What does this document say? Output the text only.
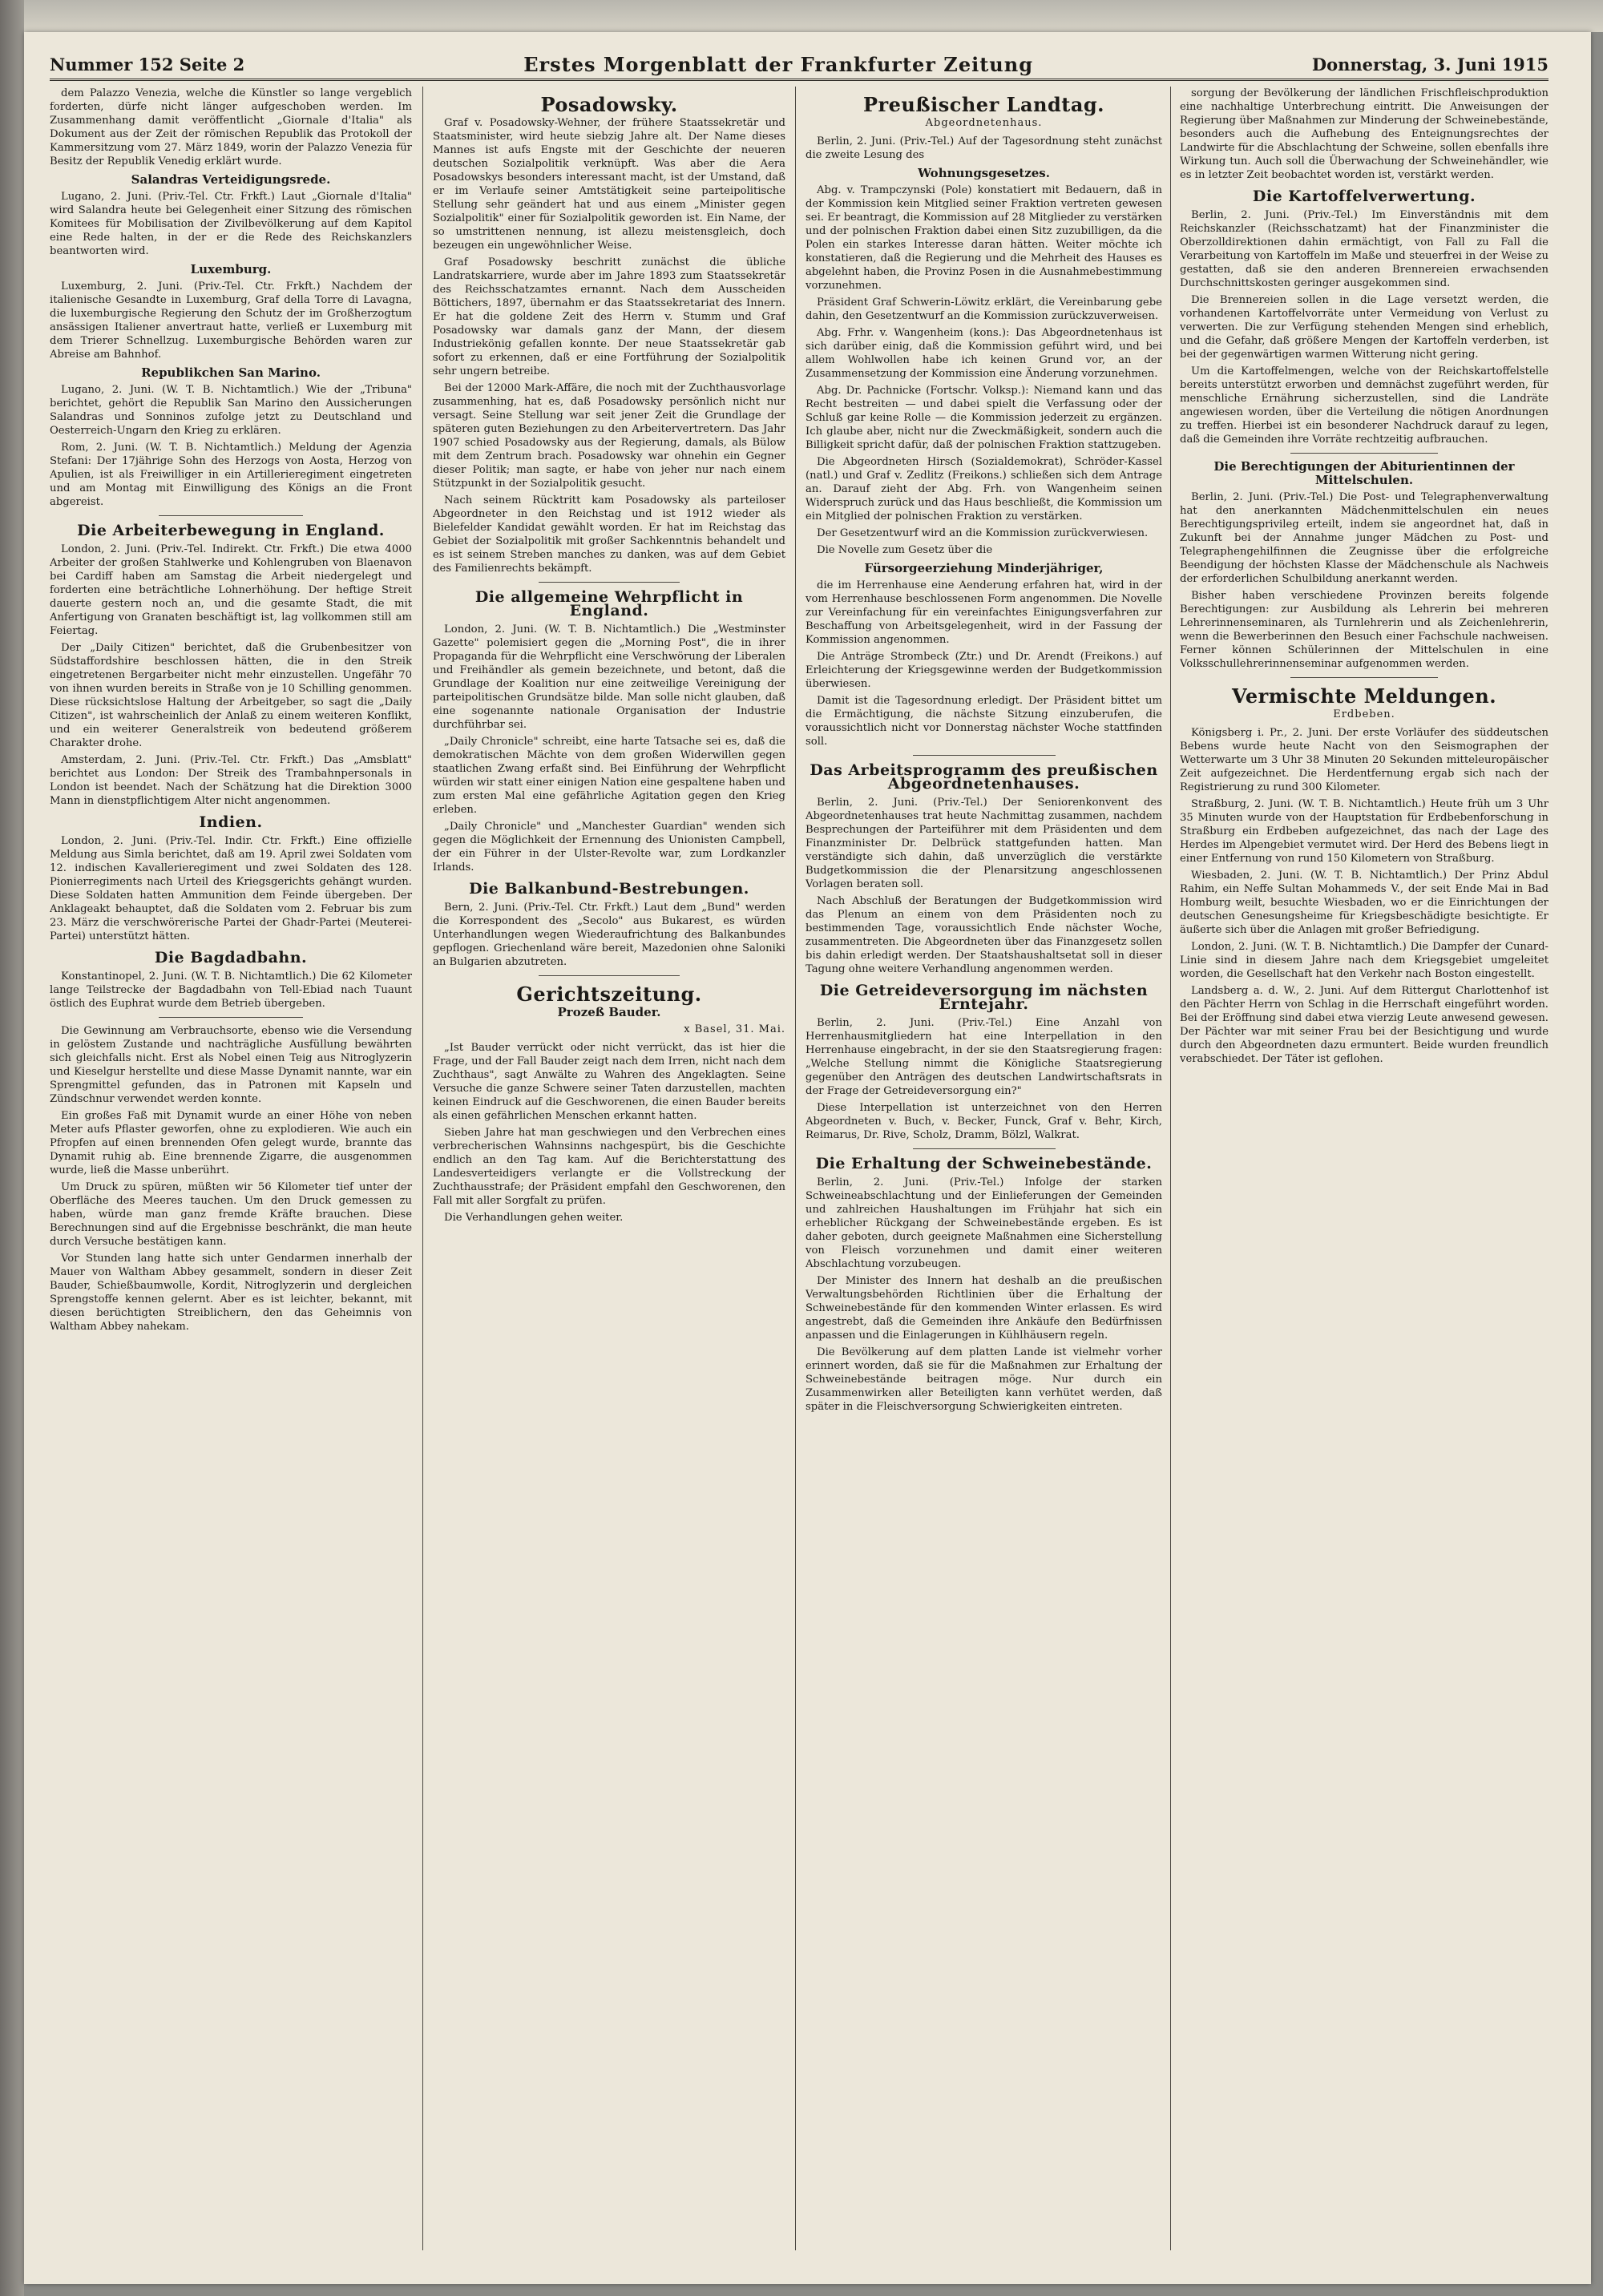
Nummer 152 Seite 2	Erstes Morgenblatt der Frankfurter Zeitung	Donnerstag, 3. Juni 1915

dem Palazzo Venezia, welche die Künstler so lange vergeblich forderten, dürfe nicht länger aufgeschoben werden. Im Zusammenhang damit veröffentlicht „Giornale d'Italia" als Dokument aus der Zeit der römischen Republik das Protokoll der Kammersitzung vom 27. März 1849, worin der Palazzo Venezia für Besitz der Republik Venedig erklärt wurde.

Salandras Verteidigungsrede.

Lugano, 2. Juni. (Priv.-Tel. Ctr. Frkft.) Laut „Giornale d'Italia" wird Salandra heute bei Gelegenheit einer Sitzung des römischen Komitees für Mobilisation der Zivilbevölkerung auf dem Kapitol eine Rede halten, in der er die Rede des Reichskanzlers beantworten wird.

Luxemburg.

Luxemburg, 2. Juni. (Priv.-Tel. Ctr. Frkft.) Nachdem der italienische Gesandte in Luxemburg, Graf della Torre di Lavagna, die luxemburgische Regierung den Schutz der im Großherzogtum ansässigen Italiener anvertraut hatte, verließ er Luxemburg mit dem Trierer Schnellzug. Luxemburgische Behörden waren zur Abreise am Bahnhof.

Republikchen San Marino.

Lugano, 2. Juni. (W. T. B. Nichtamtlich.) Wie der „Tribuna" berichtet, gehört die Republik San Marino den Aussicherungen Salandras und Sonninos zufolge jetzt zu Deutschland und Oesterreich-Ungarn den Krieg zu erklären.

Rom, 2. Juni. (W. T. B. Nichtamtlich.) Meldung der Agenzia Stefani: Der 17jährige Sohn des Herzogs von Aosta, Herzog von Apulien, ist als Freiwilliger in ein Artillerieregiment eingetreten und am Montag mit Einwilligung des Königs an die Front abgereist.

Die Arbeiterbewegung in England.

London, 2. Juni. (Priv.-Tel. Indirekt. Ctr. Frkft.) Die etwa 4000 Arbeiter der großen Stahlwerke und Kohlengruben von Blaenavon bei Cardiff haben am Samstag die Arbeit niedergelegt und forderten eine beträchtliche Lohnerhöhung. Der heftige Streit dauerte gestern noch an, und die gesamte Stadt, die mit Anfertigung von Granaten beschäftigt ist, lag vollkommen still am Feiertag.

Der „Daily Citizen" berichtet, daß die Grubenbesitzer von Südstaffordshire beschlossen hätten, die in den Streik eingetretenen Bergarbeiter nicht mehr einzustellen. Ungefähr 70 von ihnen wurden bereits in Straße von je 10 Schilling genommen. Diese rücksichtslose Haltung der Arbeitgeber, so sagt die „Daily Citizen", ist wahrscheinlich der Anlaß zu einem weiteren Konflikt, und ein weiterer Generalstreik von bedeutend größerem Charakter drohe.

Amsterdam, 2. Juni. (Priv.-Tel. Ctr. Frkft.) Das „Amsblatt" berichtet aus London: Der Streik des Trambahnpersonals in London ist beendet. Nach der Schätzung hat die Direktion 3000 Mann in dienstpflichtigem Alter nicht angenommen.

Indien.

London, 2. Juni. (Priv.-Tel. Indir. Ctr. Frkft.) Eine offizielle Meldung aus Simla berichtet, daß am 19. April zwei Soldaten vom 12. indischen Kavallerieregiment und zwei Soldaten des 128. Pionierregiments nach Urteil des Kriegsgerichts gehängt wurden. Diese Soldaten hatten Ammunition dem Feinde übergeben. Der Anklageakt behauptet, daß die Soldaten vom 2. Februar bis zum 23. März die verschwörerische Partei der Ghadr-Partei (Meuterei-Partei) unterstützt hätten.

Die Bagdadbahn.

Konstantinopel, 2. Juni. (W. T. B. Nichtamtlich.) Die 62 Kilometer lange Teilstrecke der Bagdadbahn von Tell-Ebiad nach Tuaunt östlich des Euphrat wurde dem Betrieb übergeben.

Die Gewinnung am Verbrauchsorte, ebenso wie die Versendung in gelöstem Zustande und nachträgliche Ausfüllung bewährten sich gleichfalls nicht. Erst als Nobel einen Teig aus Nitroglyzerin und Kieselgur herstellte und diese Masse Dynamit nannte, war ein Sprengmittel gefunden, das in Patronen mit Kapseln und Zündschnur verwendet werden konnte.

Ein großes Faß mit Dynamit wurde an einer Höhe von neben Meter aufs Pflaster geworfen, ohne zu explodieren. Wie auch ein Pfropfen auf einen brennenden Ofen gelegt wurde, brannte das Dynamit ruhig ab. Eine brennende Zigarre, die ausgenommen wurde, ließ die Masse unberührt.

Um Druck zu spüren, müßten wir 56 Kilometer tief unter der Oberfläche des Meeres tauchen. Um den Druck gemessen zu haben, würde man ganz fremde Kräfte brauchen. Diese Berechnungen sind auf die Ergebnisse beschränkt, die man heute durch Versuche bestätigen kann.

Vor Stunden lang hatte sich unter Gendarmen innerhalb der Mauer von Waltham Abbey gesammelt, sondern in dieser Zeit Bauder, Schießbaumwolle, Kordit, Nitroglyzerin und dergleichen Sprengstoffe kennen gelernt. Aber es ist leichter, bekannt, mit diesen berüchtigten Streiblichern, den das Geheimnis von Waltham Abbey nahekam.

Posadowsky.

Graf v. Posadowsky-Wehner, der frühere Staatssekretär und Staatsminister, wird heute siebzig Jahre alt. Der Name dieses Mannes ist aufs Engste mit der Geschichte der neueren deutschen Sozialpolitik verknüpft. Was aber die Aera Posadowskys besonders interessant macht, ist der Umstand, daß er im Verlaufe seiner Amtstätigkeit seine parteipolitische Stellung sehr geändert hat und aus einem „Minister gegen Sozialpolitik" einer für Sozialpolitik geworden ist. Ein Name, der so umstrittenen nennung, ist allezu meistensgleich, doch bezeugen ein ungewöhnlicher Weise.

Graf Posadowsky beschritt zunächst die übliche Landratskarriere, wurde aber im Jahre 1893 zum Staatssekretär des Reichsschatzamtes ernannt. Nach dem Ausscheiden Böttichers, 1897, übernahm er das Staatssekretariat des Innern. Er hat die goldene Zeit des Herrn v. Stumm und Graf Posadowsky war damals ganz der Mann, der diesem Industriekönig gefallen konnte. Der neue Staatssekretär gab sofort zu erkennen, daß er eine Fortführung der Sozialpolitik sehr ungern betreibe.

Bei der 12000 Mark-Affäre, die noch mit der Zuchthausvorlage zusammenhing, hat es, daß Posadowsky persönlich nicht nur versagt. Seine Stellung war seit jener Zeit die Grundlage der späteren guten Beziehungen zu den Arbeitervertretern. Das Jahr 1907 schied Posadowsky aus der Regierung, damals, als Bülow mit dem Zentrum brach. Posadowsky war ohnehin ein Gegner dieser Politik; man sagte, er habe von jeher nur nach einem Stützpunkt in der Sozialpolitik gesucht.

Nach seinem Rücktritt kam Posadowsky als parteiloser Abgeordneter in den Reichstag und ist 1912 wieder als Bielefelder Kandidat gewählt worden. Er hat im Reichstag das Gebiet der Sozialpolitik mit großer Sachkenntnis behandelt und es ist seinem Streben manches zu danken, was auf dem Gebiet des Familienrechts bekämpft.

Die allgemeine Wehrpflicht in England.

London, 2. Juni. (W. T. B. Nichtamtlich.) Die „Westminster Gazette" polemisiert gegen die „Morning Post", die in ihrer Propaganda für die Wehrpflicht eine Verschwörung der Liberalen und Freihändler als gemein bezeichnete, und betont, daß die Grundlage der Koalition nur eine zeitweilige Vereinigung der parteipolitischen Grundsätze bilde. Man solle nicht glauben, daß eine sogenannte nationale Organisation der Industrie durchführbar sei.

„Daily Chronicle" schreibt, eine harte Tatsache sei es, daß die demokratischen Mächte von dem großen Widerwillen gegen staatlichen Zwang erfaßt sind. Bei Einführung der Wehrpflicht würden wir statt einer einigen Nation eine gespaltene haben und zum ersten Mal eine gefährliche Agitation gegen den Krieg erleben.

„Daily Chronicle" und „Manchester Guardian" wenden sich gegen die Möglichkeit der Ernennung des Unionisten Campbell, der ein Führer in der Ulster-Revolte war, zum Lordkanzler Irlands.

Die Balkanbund-Bestrebungen.

Bern, 2. Juni. (Priv.-Tel. Ctr. Frkft.) Laut dem „Bund" werden die Korrespondent des „Secolo" aus Bukarest, es würden Unterhandlungen wegen Wiederaufrichtung des Balkanbundes gepflogen. Griechenland wäre bereit, Mazedonien ohne Saloniki an Bulgarien abzutreten.

Gerichtszeitung.
Prozeß Bauder.
x Basel, 31. Mai.

„Ist Bauder verrückt oder nicht verrückt, das ist hier die Frage, und der Fall Bauder zeigt nach dem Irren, nicht nach dem Zuchthaus", sagt Anwälte zu Wahren des Angeklagten. Seine Versuche die ganze Schwere seiner Taten darzustellen, machten keinen Eindruck auf die Geschworenen, die einen Bauder bereits als einen gefährlichen Menschen erkannt hatten.

Sieben Jahre hat man geschwiegen und den Verbrechen eines verbrecherischen Wahnsinns nachgespürt, bis die Geschichte endlich an den Tag kam. Auf die Berichterstattung des Landesverteidigers verlangte er die Vollstreckung der Zuchthausstrafe; der Präsident empfahl den Geschworenen, den Fall mit aller Sorgfalt zu prüfen.

Die Verhandlungen gehen weiter.

Preußischer Landtag.
Abgeordnetenhaus.

Berlin, 2. Juni. (Priv.-Tel.) Auf der Tagesordnung steht zunächst die zweite Lesung des

Wohnungsgesetzes.

Abg. v. Trampczynski (Pole) konstatiert mit Bedauern, daß in der Kommission kein Mitglied seiner Fraktion vertreten gewesen sei. Er beantragt, die Kommission auf 28 Mitglieder zu verstärken und der polnischen Fraktion dabei einen Sitz zuzubilligen, da die Polen ein starkes Interesse daran hätten. Weiter möchte ich konstatieren, daß die Regierung und die Mehrheit des Hauses es abgelehnt haben, die Provinz Posen in die Ausnahmebestimmung vorzunehmen.

Präsident Graf Schwerin-Löwitz erklärt, die Vereinbarung gebe dahin, den Gesetzentwurf an die Kommission zurückzuverweisen.

Abg. Frhr. v. Wangenheim (kons.): Das Abgeordnetenhaus ist sich darüber einig, daß die Kommission geführt wird, und bei allem Wohlwollen habe ich keinen Grund vor, an der Zusammensetzung der Kommission eine Änderung vorzunehmen.

Abg. Dr. Pachnicke (Fortschr. Volksp.): Niemand kann und das Recht bestreiten — und dabei spielt die Verfassung oder der Schluß gar keine Rolle — die Kommission jederzeit zu ergänzen. Ich glaube aber, nicht nur die Zweckmäßigkeit, sondern auch die Billigkeit spricht dafür, daß der polnischen Fraktion stattzugeben.

Die Abgeordneten Hirsch (Sozialdemokrat), Schröder-Kassel (natl.) und Graf v. Zedlitz (Freikons.) schließen sich dem Antrage an. Darauf zieht der Abg. Frh. von Wangenheim seinen Widerspruch zurück und das Haus beschließt, die Kommission um ein Mitglied der polnischen Fraktion zu verstärken.

Der Gesetzentwurf wird an die Kommission zurückverwiesen.

Die Novelle zum Gesetz über die

Fürsorgeerziehung Minderjähriger,

die im Herrenhause eine Aenderung erfahren hat, wird in der vom Herrenhause beschlossenen Form angenommen. Die Novelle zur Vereinfachung für ein vereinfachtes Einigungsverfahren zur Beschaffung von Arbeitsgelegenheit, wird in der Fassung der Kommission angenommen.

Die Anträge Strombeck (Ztr.) und Dr. Arendt (Freikons.) auf Erleichterung der Kriegsgewinne werden der Budgetkommission überwiesen.

Damit ist die Tagesordnung erledigt. Der Präsident bittet um die Ermächtigung, die nächste Sitzung einzuberufen, die voraussichtlich nicht vor Donnerstag nächster Woche stattfinden soll.

Das Arbeitsprogramm des preußischen Abgeordnetenhauses.

Berlin, 2. Juni. (Priv.-Tel.) Der Seniorenkonvent des Abgeordnetenhauses trat heute Nachmittag zusammen, nachdem Besprechungen der Parteiführer mit dem Präsidenten und dem Finanzminister Dr. Delbrück stattgefunden hatten. Man verständigte sich dahin, daß unverzüglich die verstärkte Budgetkommission die der Plenarsitzung angeschlossenen Vorlagen beraten soll.

Nach Abschluß der Beratungen der Budgetkommission wird das Plenum an einem von dem Präsidenten noch zu bestimmenden Tage, voraussichtlich Ende nächster Woche, zusammentreten. Die Abgeordneten über das Finanzgesetz sollen bis dahin erledigt werden. Der Staatshaushaltsetat soll in dieser Tagung ohne weitere Verhandlung angenommen werden.

Die Getreideversorgung im nächsten Erntejahr.

Berlin, 2. Juni. (Priv.-Tel.) Eine Anzahl von Herrenhausmitgliedern hat eine Interpellation in den Herrenhause eingebracht, in der sie den Staatsregierung fragen: „Welche Stellung nimmt die Königliche Staatsregierung gegenüber den Anträgen des deutschen Landwirtschaftsrats in der Frage der Getreideversorgung ein?"

Diese Interpellation ist unterzeichnet von den Herren Abgeordneten v. Buch, v. Becker, Funck, Graf v. Behr, Kirch, Reimarus, Dr. Rive, Scholz, Dramm, Bölzl, Walkrat.

Die Erhaltung der Schweinebestände.

Berlin, 2. Juni. (Priv.-Tel.) Infolge der starken Schweineabschlachtung und der Einlieferungen der Gemeinden und zahlreichen Haushaltungen im Frühjahr hat sich ein erheblicher Rückgang der Schweinebestände ergeben. Es ist daher geboten, durch geeignete Maßnahmen eine Sicherstellung von Fleisch vorzunehmen und damit einer weiteren Abschlachtung vorzubeugen.

Der Minister des Innern hat deshalb an die preußischen Verwaltungsbehörden Richtlinien über die Erhaltung der Schweinebestände für den kommenden Winter erlassen. Es wird angestrebt, daß die Gemeinden ihre Ankäufe den Bedürfnissen anpassen und die Einlagerungen in Kühlhäusern regeln.

Die Bevölkerung auf dem platten Lande ist vielmehr vorher erinnert worden, daß sie für die Maßnahmen zur Erhaltung der Schweinebestände beitragen möge. Nur durch ein Zusammenwirken aller Beteiligten kann verhütet werden, daß später in die Fleischversorgung Schwierigkeiten eintreten.

sorgung der Bevölkerung der ländlichen Frischfleischproduktion eine nachhaltige Unterbrechung eintritt. Die Anweisungen der Regierung über Maßnahmen zur Minderung der Schweinebestände, besonders auch die Aufhebung des Enteignungsrechtes der Landwirte für die Abschlachtung der Schweine, sollen ebenfalls ihre Wirkung tun. Auch soll die Überwachung der Schweinehändler, wie es in letzter Zeit beobachtet worden ist, verstärkt werden.

Die Kartoffelverwertung.

Berlin, 2. Juni. (Priv.-Tel.) Im Einverständnis mit dem Reichskanzler (Reichsschatzamt) hat der Finanzminister die Oberzolldirektionen dahin ermächtigt, von Fall zu Fall die Verarbeitung von Kartoffeln im Maße und steuerfrei in der Weise zu gestatten, daß sie den anderen Brennereien erwachsenden Durchschnittskosten geringer ausgekommen sind.

Die Brennereien sollen in die Lage versetzt werden, die vorhandenen Kartoffelvorräte unter Vermeidung von Verlust zu verwerten. Die zur Verfügung stehenden Mengen sind erheblich, und die Gefahr, daß größere Mengen der Kartoffeln verderben, ist bei der gegenwärtigen warmen Witterung nicht gering.

Um die Kartoffelmengen, welche von der Reichskartoffelstelle bereits unterstützt erworben und demnächst zugeführt werden, für menschliche Ernährung sicherzustellen, sind die Landräte angewiesen worden, über die Verteilung die nötigen Anordnungen zu treffen. Hierbei ist ein besonderer Nachdruck darauf zu legen, daß die Gemeinden ihre Vorräte rechtzeitig aufbrauchen.

Die Berechtigungen der Abiturientinnen der Mittelschulen.

Berlin, 2. Juni. (Priv.-Tel.) Die Post- und Telegraphenverwaltung hat den anerkannten Mädchenmittelschulen ein neues Berechtigungsprivileg erteilt, indem sie angeordnet hat, daß in Zukunft bei der Annahme junger Mädchen zu Post- und Telegraphengehilfinnen die Zeugnisse über die erfolgreiche Beendigung der höchsten Klasse der Mädchenschule als Nachweis der erforderlichen Schulbildung anerkannt werden.

Bisher haben verschiedene Provinzen bereits folgende Berechtigungen: zur Ausbildung als Lehrerin bei mehreren Lehrerinnenseminaren, als Turnlehrerin und als Zeichenlehrerin, wenn die Bewerberinnen den Besuch einer Fachschule nachweisen. Ferner können Schülerinnen der Mittelschulen in eine Volksschullehrerinnenseminar aufgenommen werden.

Vermischte Meldungen.
Erdbeben.

Königsberg i. Pr., 2. Juni. Der erste Vorläufer des süddeutschen Bebens wurde heute Nacht von den Seismographen der Wetterwarte um 3 Uhr 38 Minuten 20 Sekunden mitteleuropäischer Zeit aufgezeichnet. Die Herdentfernung ergab sich nach der Registrierung zu rund 300 Kilometer.

Straßburg, 2. Juni. (W. T. B. Nichtamtlich.) Heute früh um 3 Uhr 35 Minuten wurde von der Hauptstation für Erdbebenforschung in Straßburg ein Erdbeben aufgezeichnet, das nach der Lage des Herdes im Alpengebiet vermutet wird. Der Herd des Bebens liegt in einer Entfernung von rund 150 Kilometern von Straßburg.

Wiesbaden, 2. Juni. (W. T. B. Nichtamtlich.) Der Prinz Abdul Rahim, ein Neffe Sultan Mohammeds V., der seit Ende Mai in Bad Homburg weilt, besuchte Wiesbaden, wo er die Einrichtungen der deutschen Genesungsheime für Kriegsbeschädigte besichtigte. Er äußerte sich über die Anlagen mit großer Befriedigung.

London, 2. Juni. (W. T. B. Nichtamtlich.) Die Dampfer der Cunard-Linie sind in diesem Jahre nach dem Kriegsgebiet umgeleitet worden, die Gesellschaft hat den Verkehr nach Boston eingestellt.

Landsberg a. d. W., 2. Juni. Auf dem Rittergut Charlottenhof ist den Pächter Herrn von Schlag in die Herrschaft eingeführt worden. Bei der Eröffnung sind dabei etwa vierzig Leute anwesend gewesen. Der Pächter war mit seiner Frau bei der Besichtigung und wurde durch den Abgeordneten dazu ermuntert. Beide wurden freundlich verabschiedet. Der Täter ist geflohen.
